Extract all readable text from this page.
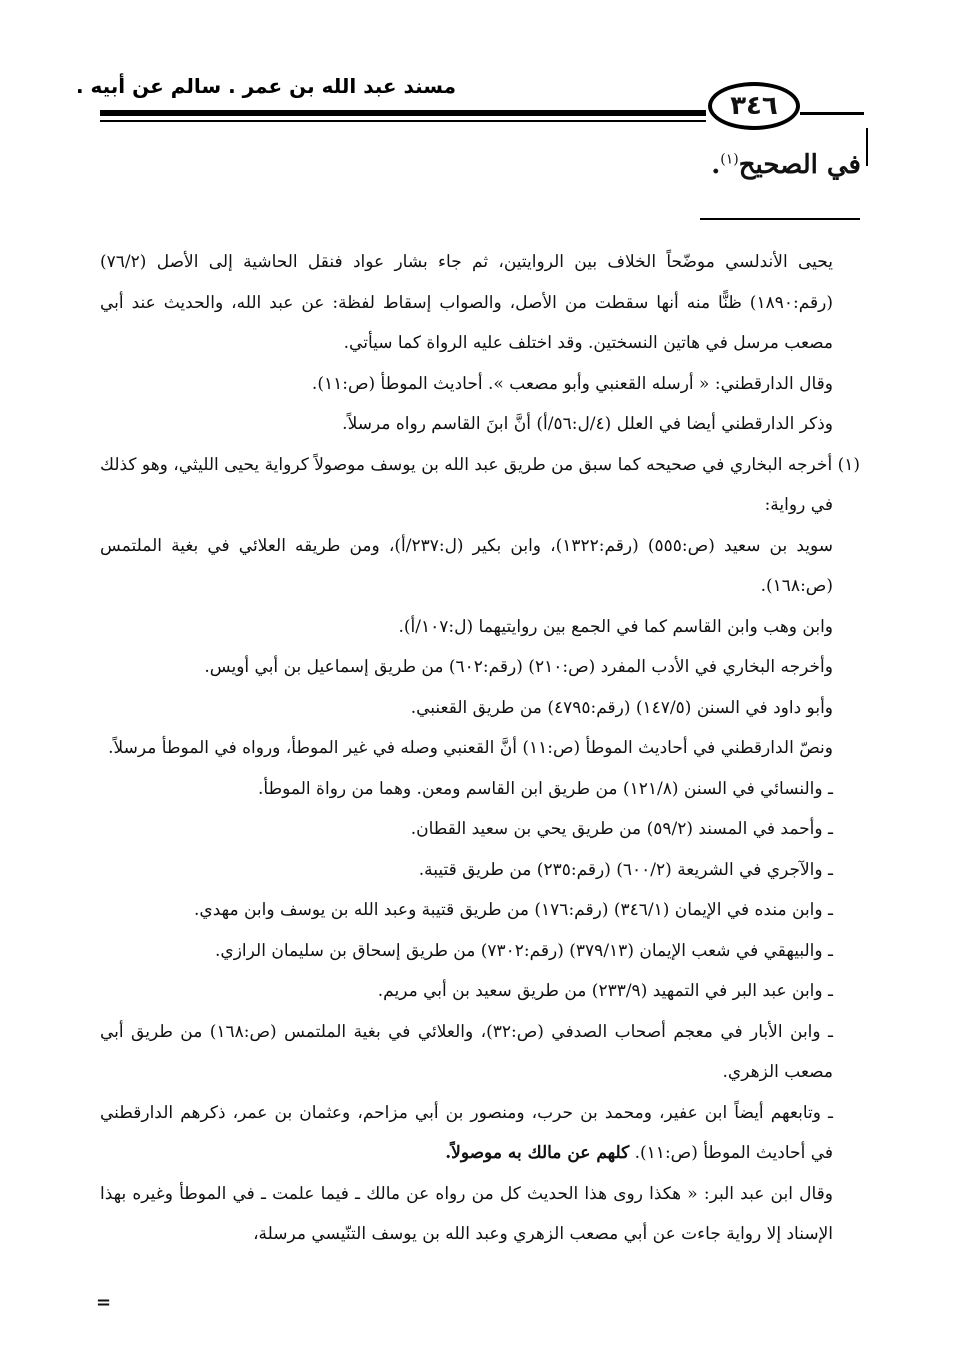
مسند عبد الله بن عمر . سالم عن أبيه .
٣٤٦
في الصحيح$^{(١)}$.

يحيى الأندلسي موضّحاً الخلاف بين الروايتين، ثم جاء بشار عواد فنقل الحاشية إلى الأصل (٧٦/٢) (رقم:١٨٩٠) ظنًّا منه أنها سقطت من الأصل، والصواب إسقاط لفظة: عن عبد الله، والحديث عند أبي مصعب مرسل في هاتين النسختين. وقد اختلف عليه الرواة كما سيأتي.

وقال الدارقطني: « أرسله القعنبي وأبو مصعب ». أحاديث الموطأ (ص:١١).

وذكر الدارقطني أيضا في العلل (٤/ل:٥٦/أ) أنَّ ابنَ القاسم رواه مرسلاً.

(١) أخرجه البخاري في صحيحه كما سبق من طريق عبد الله بن يوسف موصولاً كرواية يحيى الليثي، وهو كذلك في رواية:

سويد بن سعيد (ص:٥٥٥) (رقم:١٣٢٢)، وابن بكير (ل:٢٣٧/أ)، ومن طريقه العلائي في بغية الملتمس (ص:١٦٨).

وابن وهب وابن القاسم كما في الجمع بين روايتيهما (ل:١٠٧/أ).

وأخرجه البخاري في الأدب المفرد (ص:٢١٠) (رقم:٦٠٢) من طريق إسماعيل بن أبي أويس.

وأبو داود في السنن (١٤٧/٥) (رقم:٤٧٩٥) من طريق القعنبي.

ونصّ الدارقطني في أحاديث الموطأ (ص:١١) أنَّ القعنبي وصله في غير الموطأ، ورواه في الموطأ مرسلاً.

ـ والنسائي في السنن (١٢١/٨) من طريق ابن القاسم ومعن. وهما من رواة الموطأ.

ـ وأحمد في المسند (٥٩/٢) من طريق يحي بن سعيد القطان.

ـ والآجري في الشريعة (٦٠٠/٢) (رقم:٢٣٥) من طريق قتيبة.

ـ وابن منده في الإيمان (٣٤٦/١) (رقم:١٧٦) من طريق قتيبة وعبد الله بن يوسف وابن مهدي.

ـ والبيهقي في شعب الإيمان (٣٧٩/١٣) (رقم:٧٣٠٢) من طريق إسحاق بن سليمان الرازي.

ـ وابن عبد البر في التمهيد (٢٣٣/٩) من طريق سعيد بن أبي مريم.

ـ وابن الأبار في معجم أصحاب الصدفي (ص:٣٢)، والعلائي في بغية الملتمس (ص:١٦٨) من طريق أبي مصعب الزهري.

ـ وتابعهم أيضاً ابن عفير، ومحمد بن حرب، ومنصور بن أبي مزاحم، وعثمان بن عمر، ذكرهم الدارقطني في أحاديث الموطأ (ص:١١). كلهم عن مالك به موصولاً.

وقال ابن عبد البر: « هكذا روى هذا الحديث كل من رواه عن مالك ـ فيما علمت ـ في الموطأ وغيره بهذا الإسناد إلا رواية جاءت عن أبي مصعب الزهري وعبد الله بن يوسف التنّيسي مرسلة،

=
